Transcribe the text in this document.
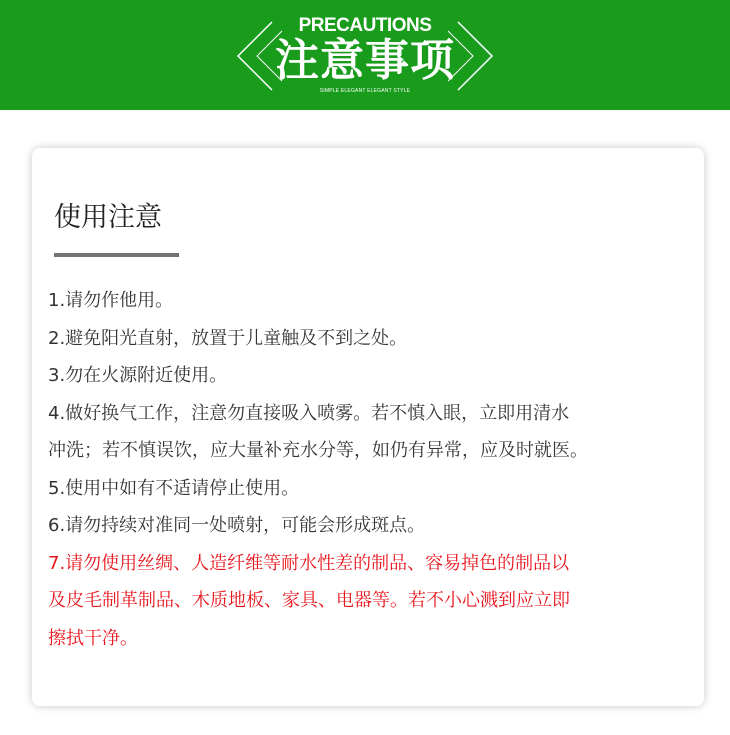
PRECAUTIONS
注意事项
SIMPLE ELEGANT ELEGANT STYLE
使用注意
1.请勿作他用。
2.避免阳光直射，放置于儿童触及不到之处。
3.勿在火源附近使用。
4.做好换气工作，注意勿直接吸入喷雾。若不慎入眼，立即用清水
冲洗；若不慎误饮，应大量补充水分等，如仍有异常，应及时就医。
5.使用中如有不适请停止使用。
6.请勿持续对准同一处喷射，可能会形成斑点。
7.请勿使用丝绸、人造纤维等耐水性差的制品、容易掉色的制品以
及皮毛制革制品、木质地板、家具、电器等。若不小心溅到应立即
擦拭干净。
